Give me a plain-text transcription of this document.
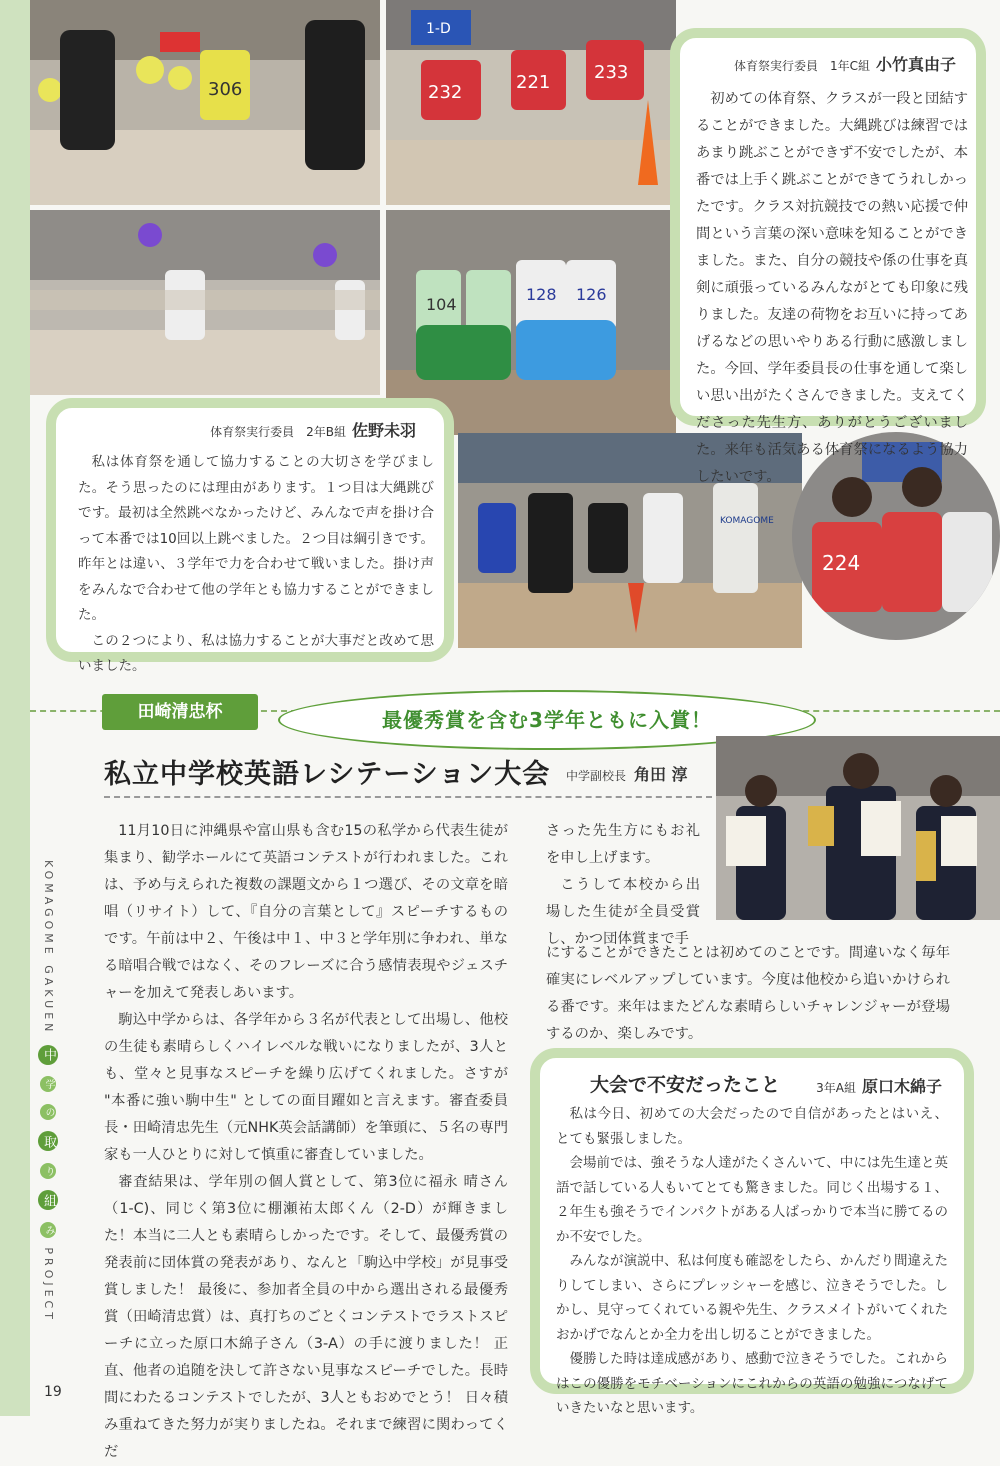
306
1-D
232	221 233
104
128 126
KOMAGOME
224
体育祭実行委員　1年C組 小竹真由子

初めての体育祭、クラスが一段と団結することができました。大縄跳びは練習ではあまり跳ぶことができず不安でしたが、本番では上手く跳ぶことができてうれしかったです。クラス対抗競技での熱い応援で仲間という言葉の深い意味を知ることができました。また、自分の競技や係の仕事を真剣に頑張っているみんながとても印象に残りました。友達の荷物をお互いに持ってあげるなどの思いやりある行動に感激しました。今回、学年委員長の仕事を通して楽しい思い出がたくさんできました。支えてくださった先生方、ありがとうございました。来年も活気ある体育祭になるよう協力したいです。

体育祭実行委員　2年B組 佐野未羽

私は体育祭を通して協力することの大切さを学びました。そう思ったのには理由があります。１つ目は大縄跳びです。最初は全然跳べなかったけど、みんなで声を掛け合って本番では10回以上跳べました。２つ目は綱引きです。昨年とは違い、３学年で力を合わせて戦いました。掛け声をみんなで合わせて他の学年とも協力することができました。

この２つにより、私は協力することが大事だと改めて思いました。

田崎清忠杯	最優秀賞を含む3学年ともに入賞！
私立中学校英語レシテーション大会 中学副校長 角田 淳

11月10日に沖縄県や富山県も含む15の私学から代表生徒が集まり、勧学ホールにて英語コンテストが行われました。これは、予め与えられた複数の課題文から１つ選び、その文章を暗唱（リサイト）して、『自分の言葉として』スピーチするものです。午前は中２、午後は中１、中３と学年別に争われ、単なる暗唱合戦ではなく、そのフレーズに合う感情表現やジェスチャーを加えて発表しあいます。

駒込中学からは、各学年から３名が代表として出場し、他校の生徒も素晴らしくハイレベルな戦いになりましたが、3人とも、堂々と見事なスピーチを繰り広げてくれました。さすが "本番に強い駒中生" としての面目躍如と言えます。審査委員長・田崎清忠先生（元NHK英会話講師）を筆頭に、５名の専門家も一人ひとりに対して慎重に審査していました。

審査結果は、学年別の個人賞として、第3位に福永 晴さん（1-C)、同じく第3位に棚瀬祐太郎くん（2-D）が輝きました！本当に二人とも素晴らしかったです。そして、最優秀賞の発表前に団体賞の発表があり、なんと「駒込中学校」が見事受賞しました！ 最後に、参加者全員の中から選出される最優秀賞（田崎清忠賞）は、真打ちのごとくコンテストでラストスピーチに立った原口木綿子さん（3-A）の手に渡りました！ 正直、他者の追随を決して許さない見事なスピーチでした。長時間にわたるコンテストでしたが、3人ともおめでとう！ 日々積み重ねてきた努力が実りましたね。それまで練習に関わってくだ

さった先生方にもお礼を申し上げます。

こうして本校から出場した生徒が全員受賞し、かつ団体賞まで手

にすることができたことは初めてのことです。間違いなく毎年確実にレベルアップしています。今度は他校から追いかけられる番です。来年はまたどんな素晴らしいチャレンジャーが登場するのか、楽しみです。
大会で不安だったこと	3年A組 原口木綿子

私は今日、初めての大会だったので自信があったとはいえ、とても緊張しました。

会場前では、強そうな人達がたくさんいて、中には先生達と英語で話している人もいてとても驚きました。同じく出場する１、２年生も強そうでインパクトがある人ばっかりで本当に勝てるのか不安でした。

みんなが演説中、私は何度も確認をしたら、かんだり間違えたりしてしまい、さらにプレッシャーを感じ、泣きそうでした。しかし、見守ってくれている親や先生、クラスメイトがいてくれたおかげでなんとか全力を出し切ることができました。

優勝した時は達成感があり、感動で泣きそうでした。これからはこの優勝をモチベーションにこれからの英語の勉強につなげていきたいなと思います。

KOMAGOME GAKUEN 中 学 の 取 り 組 み PROJECT
19
